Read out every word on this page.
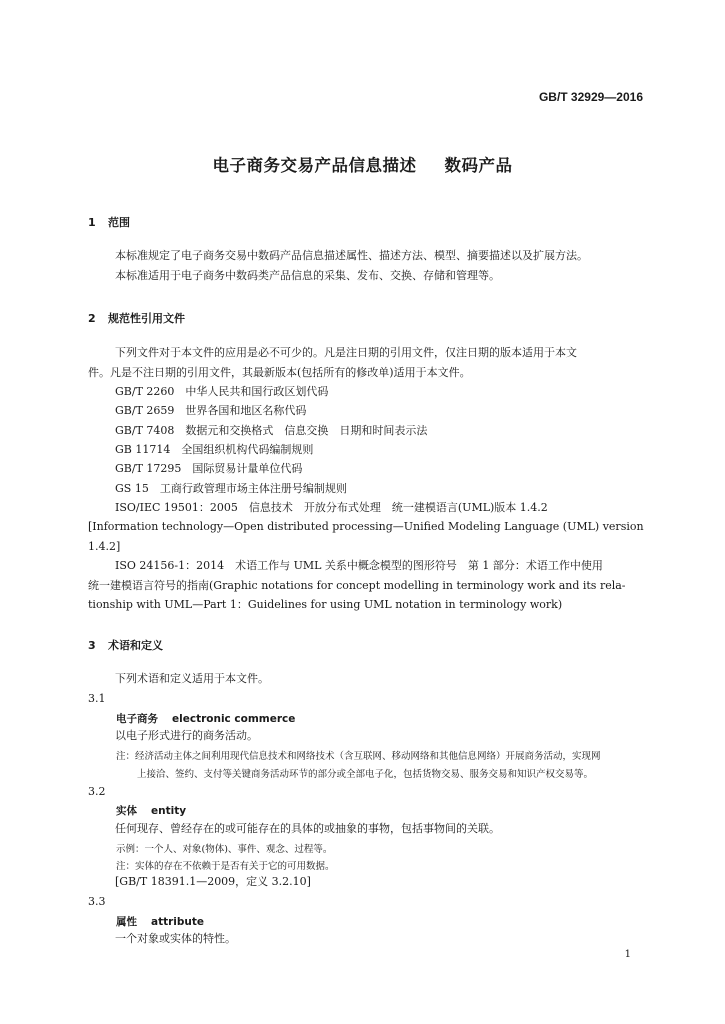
GB/T 32929—2016
电子商务交易产品信息描述 数码产品
1 范围
本标准规定了电子商务交易中数码产品信息描述属性、描述方法、模型、摘要描述以及扩展方法。
本标准适用于电子商务中数码类产品信息的采集、发布、交换、存储和管理等。
2 规范性引用文件
下列文件对于本文件的应用是必不可少的。凡是注日期的引用文件，仅注日期的版本适用于本文
件。凡是不注日期的引用文件，其最新版本(包括所有的修改单)适用于本文件。
GB/T 2260　中华人民共和国行政区划代码
GB/T 2659　世界各国和地区名称代码
GB/T 7408　数据元和交换格式　信息交换　日期和时间表示法
GB 11714　全国组织机构代码编制规则
GB/T 17295　国际贸易计量单位代码
GS 15　工商行政管理市场主体注册号编制规则
ISO/IEC 19501：2005　信息技术　开放分布式处理　统一建模语言(UML)版本 1.4.2
[Information technology—Open distributed processing—Unified Modeling Language (UML) version
1.4.2]
ISO 24156-1：2014　术语工作与 UML 关系中概念模型的图形符号　第 1 部分：术语工作中使用
统一建模语言符号的指南(Graphic notations for concept modelling in terminology work and its rela-
tionship with UML—Part 1：Guidelines for using UML notation in terminology work)
3 术语和定义
下列术语和定义适用于本文件。
3.1
电子商务 electronic commerce
以电子形式进行的商务活动。
注：经济活动主体之间利用现代信息技术和网络技术（含互联网、移动网络和其他信息网络）开展商务活动，实现网
上接洽、签约、支付等关键商务活动环节的部分或全部电子化，包括货物交易、服务交易和知识产权交易等。
3.2
实体 entity
任何现存、曾经存在的或可能存在的具体的或抽象的事物，包括事物间的关联。
示例：一个人、对象(物体)、事件、观念、过程等。
注：实体的存在不依赖于是否有关于它的可用数据。
[GB/T 18391.1—2009，定义 3.2.10]
3.3
属性 attribute
一个对象或实体的特性。
1
